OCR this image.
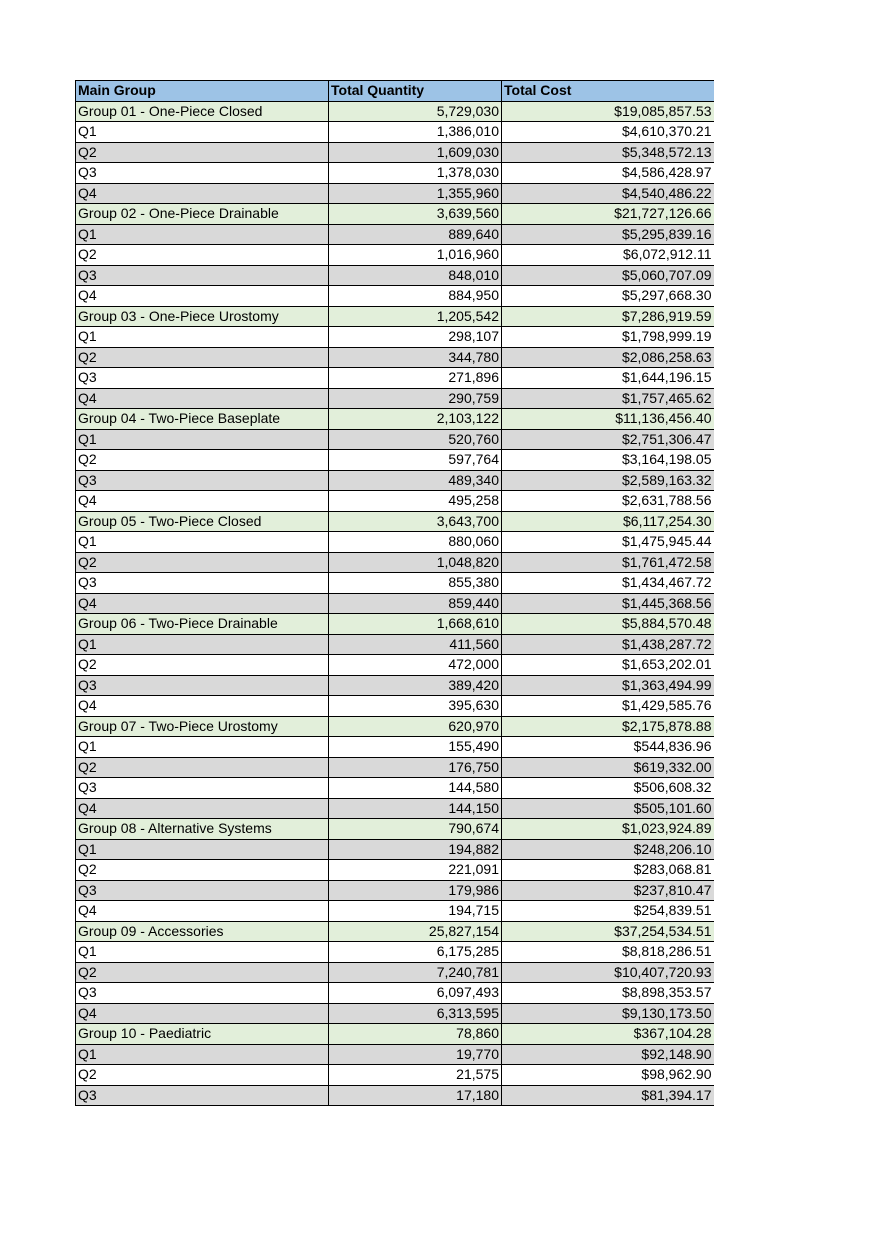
Main Group	Total Quantity	Total Cost
Group 01 - One-Piece Closed	5,729,030	$19,085,857.53
Q1	1,386,010	$4,610,370.21
Q2	1,609,030	$5,348,572.13
Q3	1,378,030	$4,586,428.97
Q4	1,355,960	$4,540,486.22
Group 02 - One-Piece Drainable	3,639,560	$21,727,126.66
Q1	889,640	$5,295,839.16
Q2	1,016,960	$6,072,912.11
Q3	848,010	$5,060,707.09
Q4	884,950	$5,297,668.30
Group 03 - One-Piece Urostomy	1,205,542	$7,286,919.59
Q1	298,107	$1,798,999.19
Q2	344,780	$2,086,258.63
Q3	271,896	$1,644,196.15
Q4	290,759	$1,757,465.62
Group 04 - Two-Piece Baseplate	2,103,122	$11,136,456.40
Q1	520,760	$2,751,306.47
Q2	597,764	$3,164,198.05
Q3	489,340	$2,589,163.32
Q4	495,258	$2,631,788.56
Group 05 - Two-Piece Closed	3,643,700	$6,117,254.30
Q1	880,060	$1,475,945.44
Q2	1,048,820	$1,761,472.58
Q3	855,380	$1,434,467.72
Q4	859,440	$1,445,368.56
Group 06 - Two-Piece Drainable	1,668,610	$5,884,570.48
Q1	411,560	$1,438,287.72
Q2	472,000	$1,653,202.01
Q3	389,420	$1,363,494.99
Q4	395,630	$1,429,585.76
Group 07 - Two-Piece Urostomy	620,970	$2,175,878.88
Q1	155,490	$544,836.96
Q2	176,750	$619,332.00
Q3	144,580	$506,608.32
Q4	144,150	$505,101.60
Group 08 - Alternative Systems	790,674	$1,023,924.89
Q1	194,882	$248,206.10
Q2	221,091	$283,068.81
Q3	179,986	$237,810.47
Q4	194,715	$254,839.51
Group 09 - Accessories	25,827,154	$37,254,534.51
Q1	6,175,285	$8,818,286.51
Q2	7,240,781	$10,407,720.93
Q3	6,097,493	$8,898,353.57
Q4	6,313,595	$9,130,173.50
Group 10 - Paediatric	78,860	$367,104.28
Q1	19,770	$92,148.90
Q2	21,575	$98,962.90
Q3	17,180	$81,394.17
